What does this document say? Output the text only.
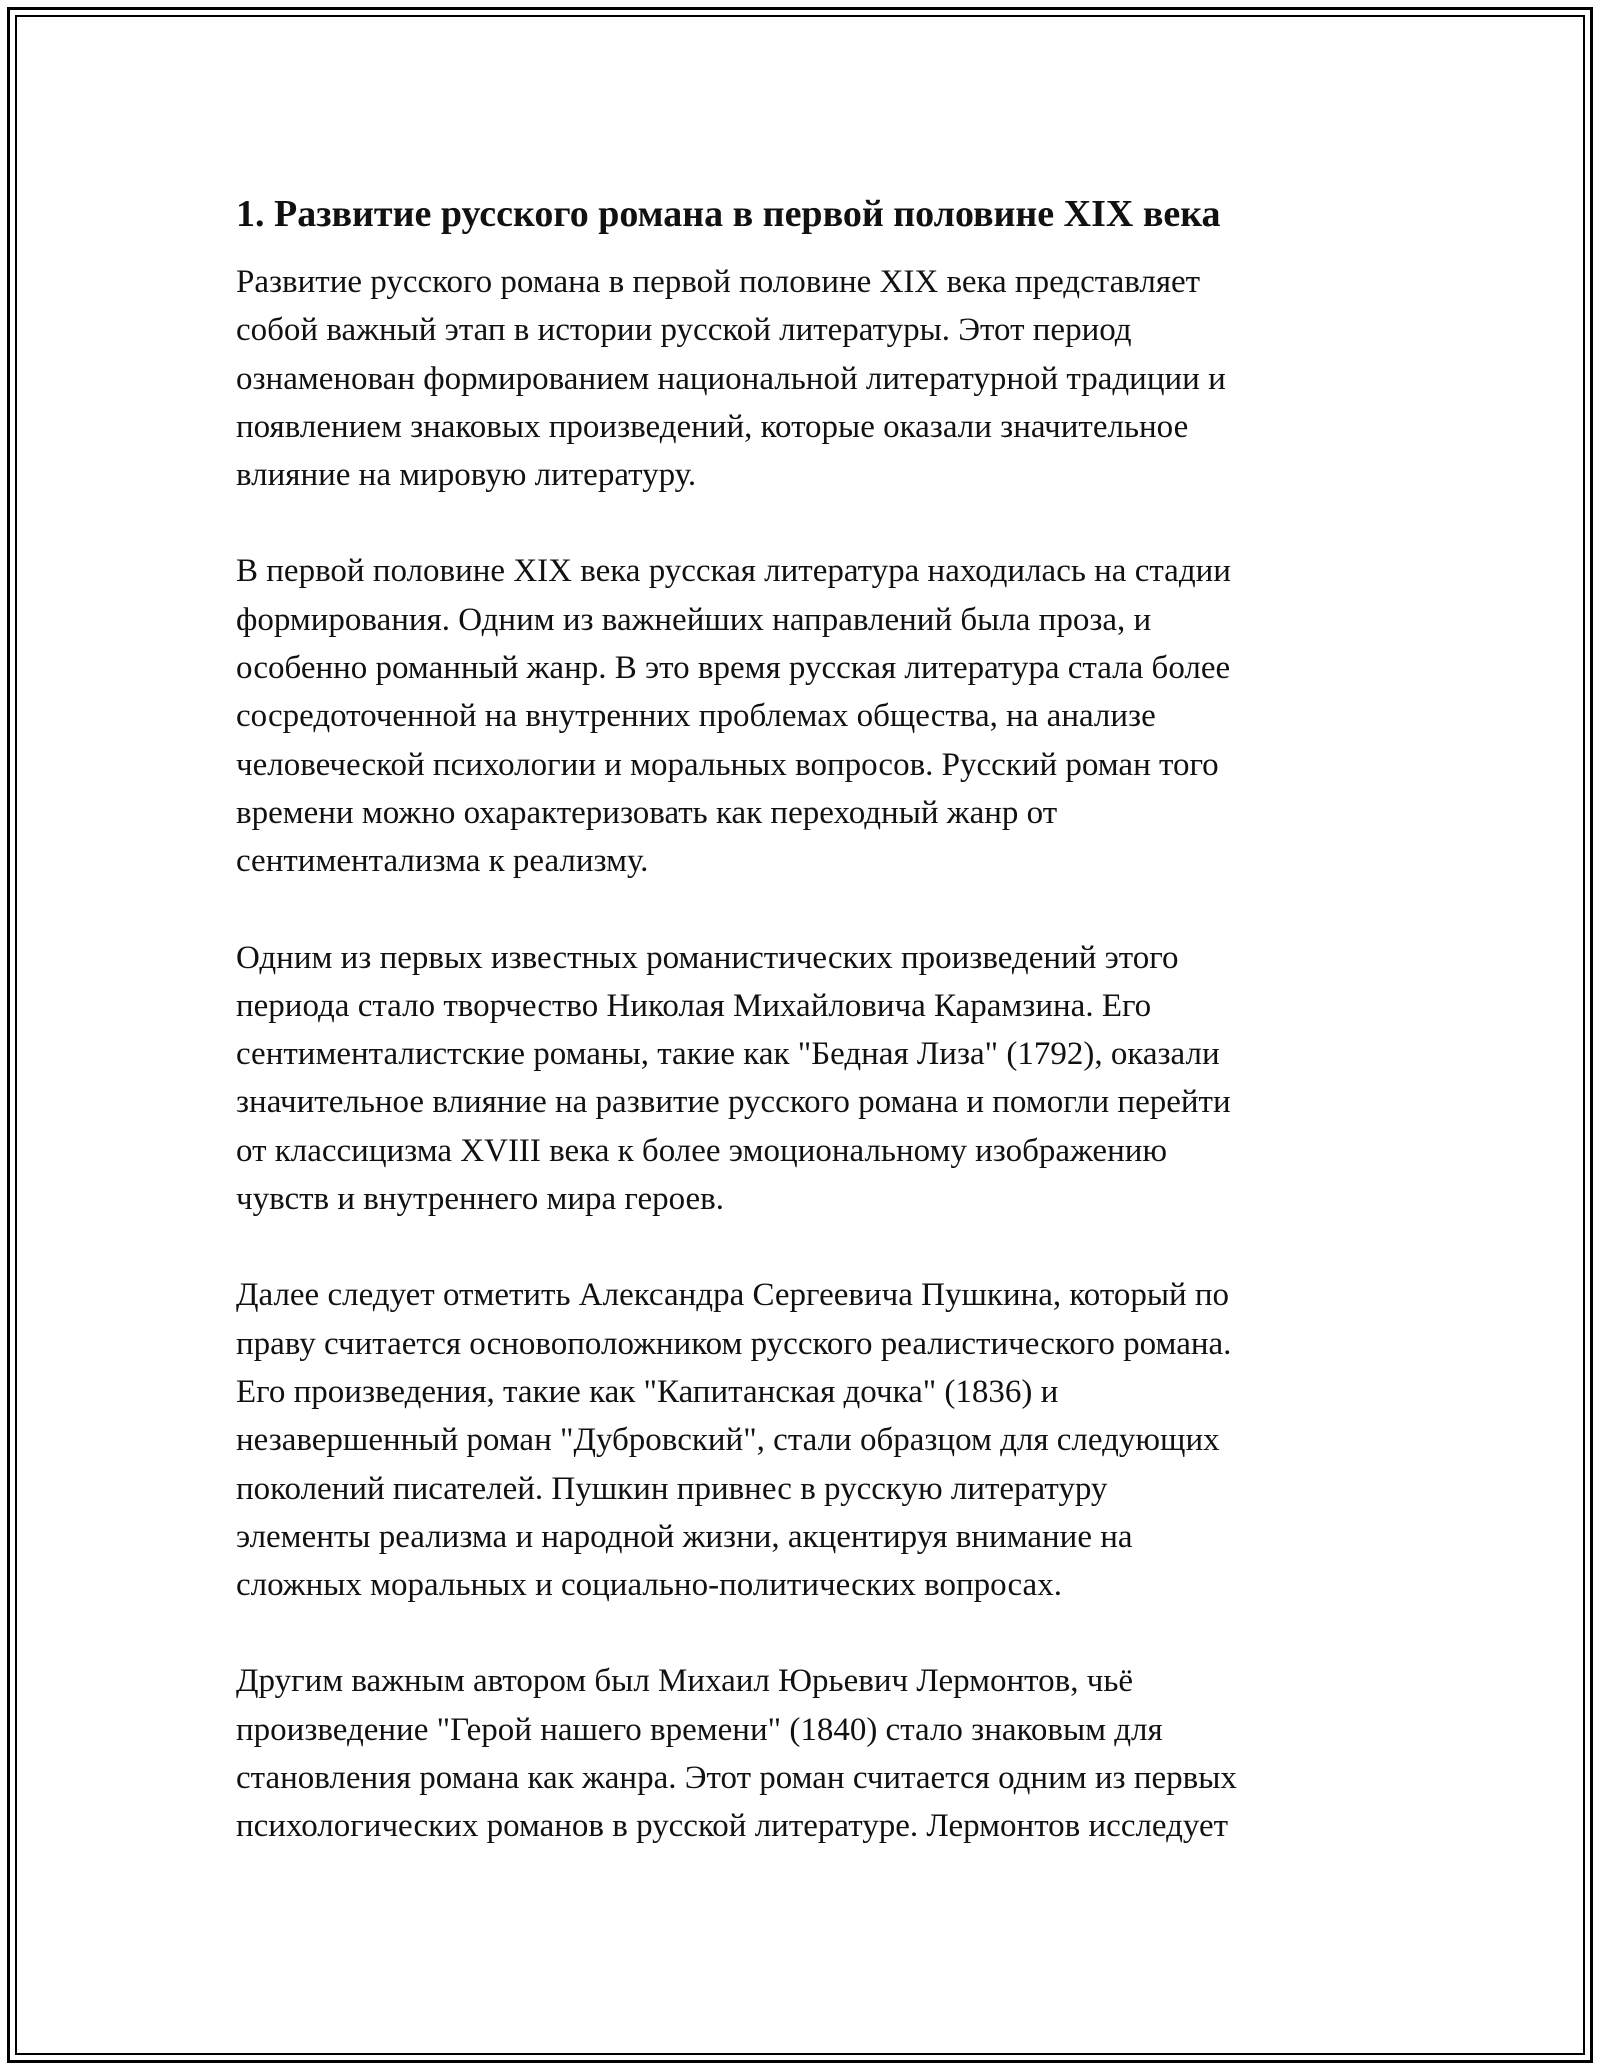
1. Развитие русского романа в первой половине XIX века
Развитие русского романа в первой половине XIX века представляет
собой важный этап в истории русской литературы. Этот период
ознаменован формированием национальной литературной традиции и
появлением знаковых произведений, которые оказали значительное
влияние на мировую литературу.
В первой половине XIX века русская литература находилась на стадии
формирования. Одним из важнейших направлений была проза, и
особенно романный жанр. В это время русская литература стала более
сосредоточенной на внутренних проблемах общества, на анализе
человеческой психологии и моральных вопросов. Русский роман того
времени можно охарактеризовать как переходный жанр от
сентиментализма к реализму.
Одним из первых известных романистических произведений этого
периода стало творчество Николая Михайловича Карамзина. Его
сентименталистские романы, такие как "Бедная Лиза" (1792), оказали
значительное влияние на развитие русского романа и помогли перейти
от классицизма XVIII века к более эмоциональному изображению
чувств и внутреннего мира героев.
Далее следует отметить Александра Сергеевича Пушкина, который по
праву считается основоположником русского реалистического романа.
Его произведения, такие как "Капитанская дочка" (1836) и
незавершенный роман "Дубровский", стали образцом для следующих
поколений писателей. Пушкин привнес в русскую литературу
элементы реализма и народной жизни, акцентируя внимание на
сложных моральных и социально-политических вопросах.
Другим важным автором был Михаил Юрьевич Лермонтов, чьё
произведение "Герой нашего времени" (1840) стало знаковым для
становления романа как жанра. Этот роман считается одним из первых
психологических романов в русской литературе. Лермонтов исследует
